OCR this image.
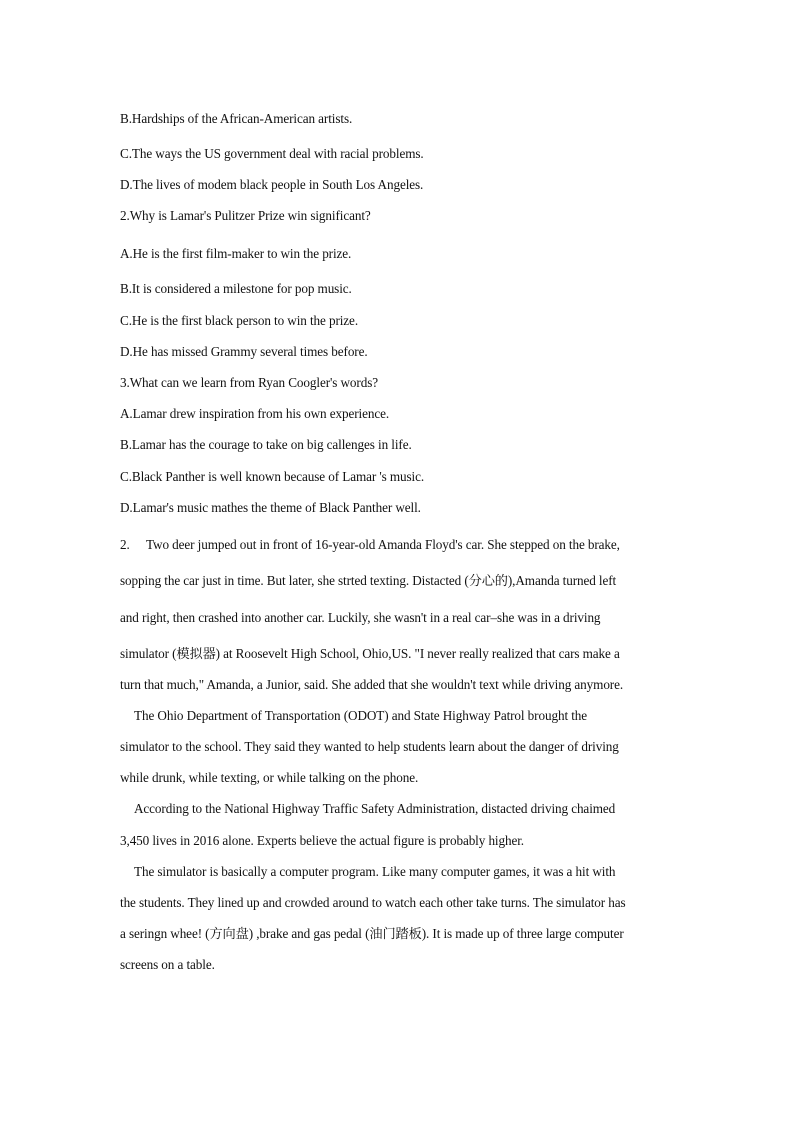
B.Hardships of the African-American artists.
C.The ways the US government deal with racial problems.
D.The lives of modem black people in South Los Angeles.
2.Why is Lamar's Pulitzer Prize win significant?
A.He is the first film-maker to win the prize.
B.It is considered a milestone for pop music.
C.He is the first black person to win the prize.
D.He has missed Grammy several times before.
3.What can we learn from Ryan Coogler's words?
A.Lamar drew inspiration from his own experience.
B.Lamar has the courage to take on big callenges in life.
C.Black Panther is well known because of Lamar 's music.
D.Lamar's music mathes the theme of Black Panther well.
2. Two deer jumped out in front of 16-year-old Amanda Floyd's car. She stepped on the brake,
sopping the car just in time. But later, she strted texting. Distacted (分心的),Amanda turned left
and right, then crashed into another car. Luckily, she wasn't in a real car–she was in a driving
simulator (模拟器) at Roosevelt High School, Ohio,US. "I never really realized that cars make a
turn that much," Amanda, a Junior, said. She added that she wouldn't text while driving anymore.
The Ohio Department of Transportation (ODOT) and State Highway Patrol brought the
simulator to the school. They said they wanted to help students learn about the danger of driving
while drunk, while texting, or while talking on the phone.
According to the National Highway Traffic Safety Administration, distacted driving chaimed
3,450 lives in 2016 alone. Experts believe the actual figure is probably higher.
The simulator is basically a computer program. Like many computer games, it was a hit with
the students. They lined up and crowded around to watch each other take turns. The simulator has
a seringn whee! (方向盘) ,brake and gas pedal (油门踏板). It is made up of three large computer
screens on a table.
